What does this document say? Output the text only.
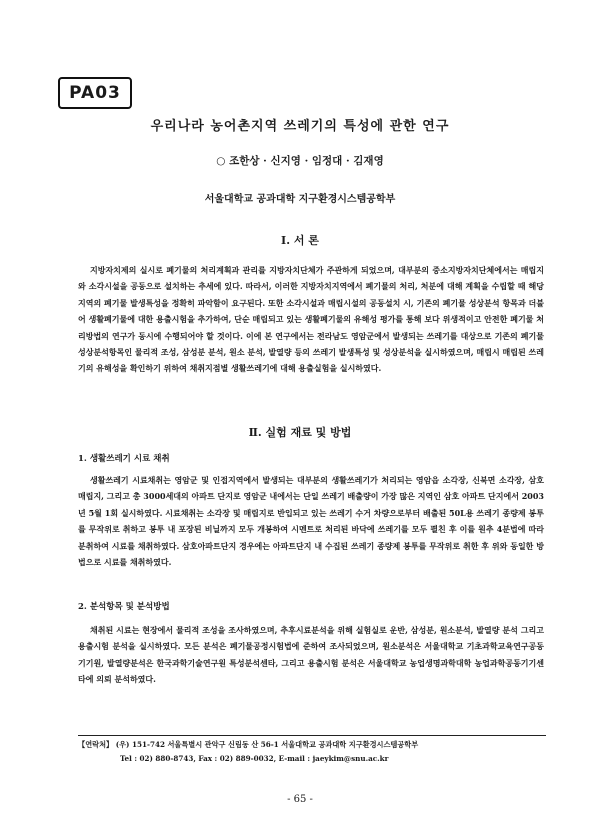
PA03
우리나라 농어촌지역 쓰레기의 특성에 관한 연구
○ 조한상 · 신지영 · 임정대 · 김재영
서울대학교 공과대학 지구환경시스템공학부
Ⅰ. 서 론
지방자치제의 실시로 폐기물의 처리계획과 관리를 지방자치단체가 주관하게 되었으며, 대부분의 중소지방자치단체에서는 매립지와 소각시설을 공동으로 설치하는 추세에 있다. 따라서, 이러한 지방자치지역에서 폐기물의 처리, 처분에 대해 계획을 수립할 때 해당지역의 폐기물 발생특성을 정확히 파악함이 요구된다. 또한 소각시설과 매립시설의 공동설치 시, 기존의 폐기물 성상분석 항목과 더불어 생활폐기물에 대한 용출시험을 추가하여, 단순 매립되고 있는 생활폐기물의 유해성 평가를 통해 보다 위생적이고 안전한 폐기물 처리방법의 연구가 동시에 수행되어야 할 것이다. 이에 본 연구에서는 전라남도 영암군에서 발생되는 쓰레기를 대상으로 기존의 폐기물 성상분석항목인 물리적 조성, 삼성분 분석, 원소 분석, 발열량 등의 쓰레기 발생특성 및 성상분석을 실시하였으며, 매립시 매립된 쓰레기의 유해성을 확인하기 위하여 채취지점별 생활쓰레기에 대해 용출실험을 실시하였다.
Ⅱ. 실험 재료 및 방법
1. 생활쓰레기 시료 채취
생활쓰레기 시료채취는 영암군 및 인접지역에서 발생되는 대부분의 생활쓰레기가 처리되는 영암읍 소각장, 신북면 소각장, 삼호 매립지, 그리고 총 3000세대의 아파트 단지로 영암군 내에서는 단일 쓰레기 배출량이 가장 많은 지역인 삼호 아파트 단지에서 2003년 5월 1회 실시하였다. 시료채취는 소각장 및 매립지로 반입되고 있는 쓰레기 수거 차량으로부터 배출된 50L용 쓰레기 종량제 봉투를 무작위로 취하고 봉투 내 포장된 비닐까지 모두 개봉하여 시멘트로 처리된 바닥에 쓰레기를 모두 펼친 후 이를 원추 4분법에 따라 분취하여 시료를 채취하였다. 삼호아파트단지 경우에는 아파트단지 내 수집된 쓰레기 종량제 봉투를 무작위로 취한 후 위와 동일한 방법으로 시료를 채취하였다.
2. 분석항목 및 분석방법
채취된 시료는 현장에서 물리적 조성을 조사하였으며, 추후시료분석을 위해 실험실로 운반, 삼성분, 원소분석, 발열량 분석 그리고 용출시험 분석을 실시하였다. 모든 분석은 폐기물공정시험법에 준하여 조사되었으며, 원소분석은 서울대학교 기초과학교육연구공동기기원, 발열량분석은 한국과학기술연구원 특성분석센타, 그리고 용출시험 분석은 서울대학교 농업생명과학대학 농업과학공동기기센타에 의뢰 분석하였다.
【연락처】 (우) 151-742 서울특별시 관악구 신림동 산 56-1 서울대학교 공과대학 지구환경시스템공학부
Tel : 02) 880-8743, Fax : 02) 889-0032, E-mail : jaeykim@snu.ac.kr
- 65 -
